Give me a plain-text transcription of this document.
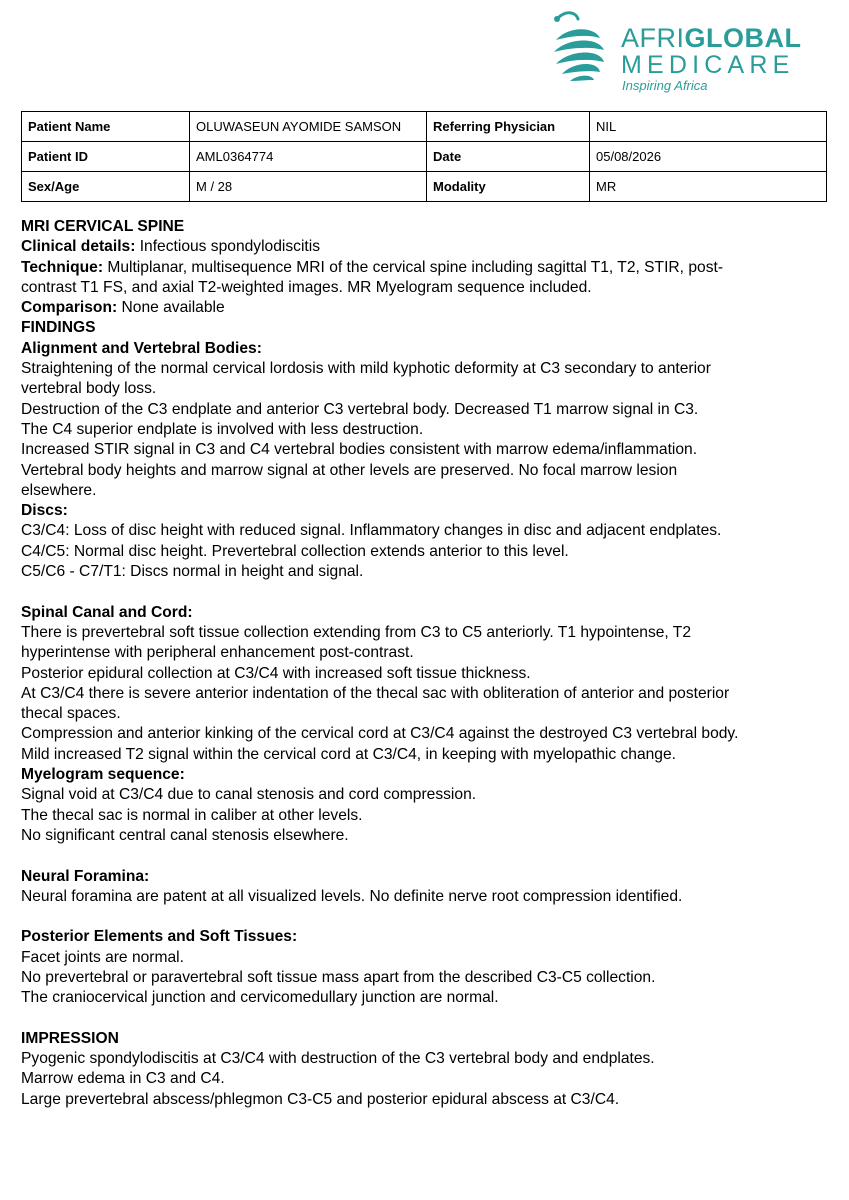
AFRIGLOBAL
MEDICARE
Inspiring Africa
Patient Name	OLUWASEUN AYOMIDE SAMSON	Referring Physician	NIL
Patient ID	AML0364774	Date	05/08/2026
Sex/Age	M / 28	Modality	MR
MRI CERVICAL SPINE
Clinical details: Infectious spondylodiscitis
Technique: Multiplanar, multisequence MRI of the cervical spine including sagittal T1, T2, STIR, post-
contrast T1 FS, and axial T2-weighted images. MR Myelogram sequence included.
Comparison: None available
FINDINGS
Alignment and Vertebral Bodies:
Straightening of the normal cervical lordosis with mild kyphotic deformity at C3 secondary to anterior
vertebral body loss.
Destruction of the C3 endplate and anterior C3 vertebral body. Decreased T1 marrow signal in C3.
The C4 superior endplate is involved with less destruction.
Increased STIR signal in C3 and C4 vertebral bodies consistent with marrow edema/inflammation.
Vertebral body heights and marrow signal at other levels are preserved. No focal marrow lesion
elsewhere.
Discs:
C3/C4: Loss of disc height with reduced signal. Inflammatory changes in disc and adjacent endplates.
C4/C5: Normal disc height. Prevertebral collection extends anterior to this level.
C5/C6 - C7/T1: Discs normal in height and signal.
Spinal Canal and Cord:
There is prevertebral soft tissue collection extending from C3 to C5 anteriorly. T1 hypointense, T2
hyperintense with peripheral enhancement post-contrast.
Posterior epidural collection at C3/C4 with increased soft tissue thickness.
At C3/C4 there is severe anterior indentation of the thecal sac with obliteration of anterior and posterior
thecal spaces.
Compression and anterior kinking of the cervical cord at C3/C4 against the destroyed C3 vertebral body.
Mild increased T2 signal within the cervical cord at C3/C4, in keeping with myelopathic change.
Myelogram sequence:
Signal void at C3/C4 due to canal stenosis and cord compression.
The thecal sac is normal in caliber at other levels.
No significant central canal stenosis elsewhere.
Neural Foramina:
Neural foramina are patent at all visualized levels. No definite nerve root compression identified.
Posterior Elements and Soft Tissues:
Facet joints are normal.
No prevertebral or paravertebral soft tissue mass apart from the described C3-C5 collection.
The craniocervical junction and cervicomedullary junction are normal.
IMPRESSION
Pyogenic spondylodiscitis at C3/C4 with destruction of the C3 vertebral body and endplates.
Marrow edema in C3 and C4.
Large prevertebral abscess/phlegmon C3-C5 and posterior epidural abscess at C3/C4.
